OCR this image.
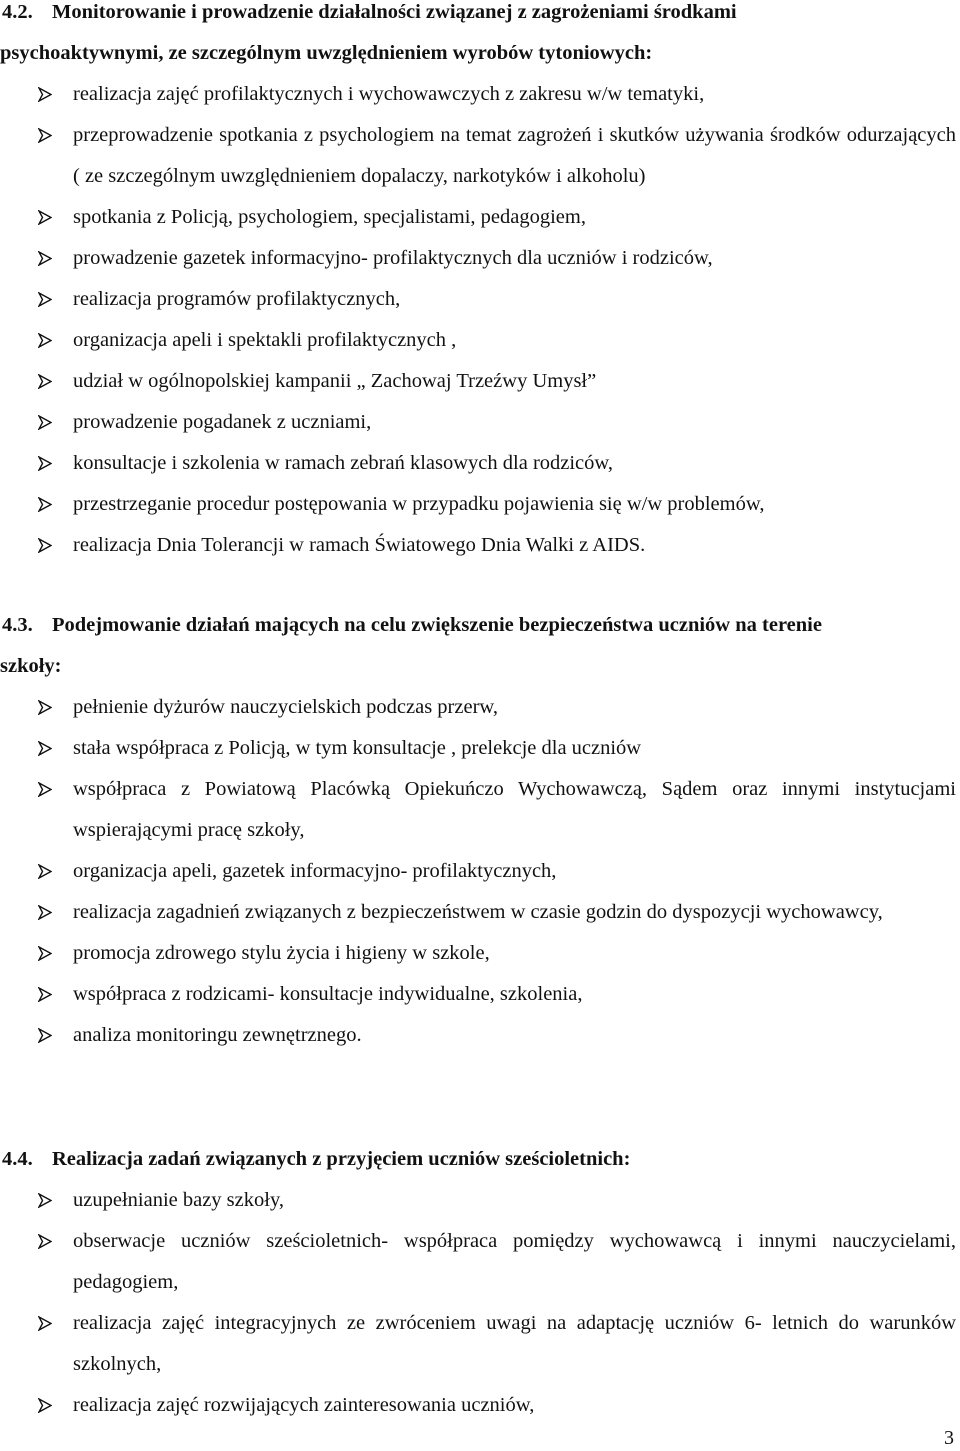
4.2. Monitorowanie i prowadzenie działalności związanej z zagrożeniami środkami

psychoaktywnymi, ze szczególnym uwzględnieniem wyrobów tytoniowych:

realizacja zajęć profilaktycznych i wychowawczych z zakresu w/w tematyki,
przeprowadzenie spotkania z psychologiem na temat zagrożeń i skutków używania środków odurzających ( ze szczególnym uwzględnieniem dopalaczy, narkotyków i alkoholu)
spotkania z Policją, psychologiem, specjalistami, pedagogiem,
prowadzenie gazetek informacyjno- profilaktycznych dla uczniów i rodziców,
realizacja programów profilaktycznych,
organizacja apeli i spektakli profilaktycznych ,
udział w ogólnopolskiej kampanii „ Zachowaj Trzeźwy Umysł”
prowadzenie pogadanek z uczniami,
konsultacje i szkolenia w ramach zebrań klasowych dla rodziców,
przestrzeganie procedur postępowania w przypadku pojawienia się w/w problemów,
realizacja Dnia Tolerancji w ramach Światowego Dnia Walki z AIDS.

4.3. Podejmowanie działań mających na celu zwiększenie bezpieczeństwa uczniów na terenie

szkoły:

pełnienie dyżurów nauczycielskich podczas przerw,
stała współpraca z Policją, w tym konsultacje , prelekcje dla uczniów
współpraca z Powiatową Placówką Opiekuńczo Wychowawczą, Sądem oraz innymi instytucjami wspierającymi pracę szkoły,
organizacja apeli, gazetek informacyjno- profilaktycznych,
realizacja zagadnień związanych z bezpieczeństwem w czasie godzin do dyspozycji wychowawcy,
promocja zdrowego stylu życia i higieny w szkole,
współpraca z rodzicami- konsultacje indywidualne, szkolenia,
analiza monitoringu zewnętrznego.

4.4. Realizacja zadań związanych z przyjęciem uczniów sześcioletnich:

uzupełnianie bazy szkoły,
obserwacje uczniów sześcioletnich- współpraca pomiędzy wychowawcą i innymi nauczycielami, pedagogiem,
realizacja zajęć integracyjnych ze zwróceniem uwagi na adaptację uczniów 6- letnich do warunków szkolnych,
realizacja zajęć rozwijających zainteresowania uczniów,
3
